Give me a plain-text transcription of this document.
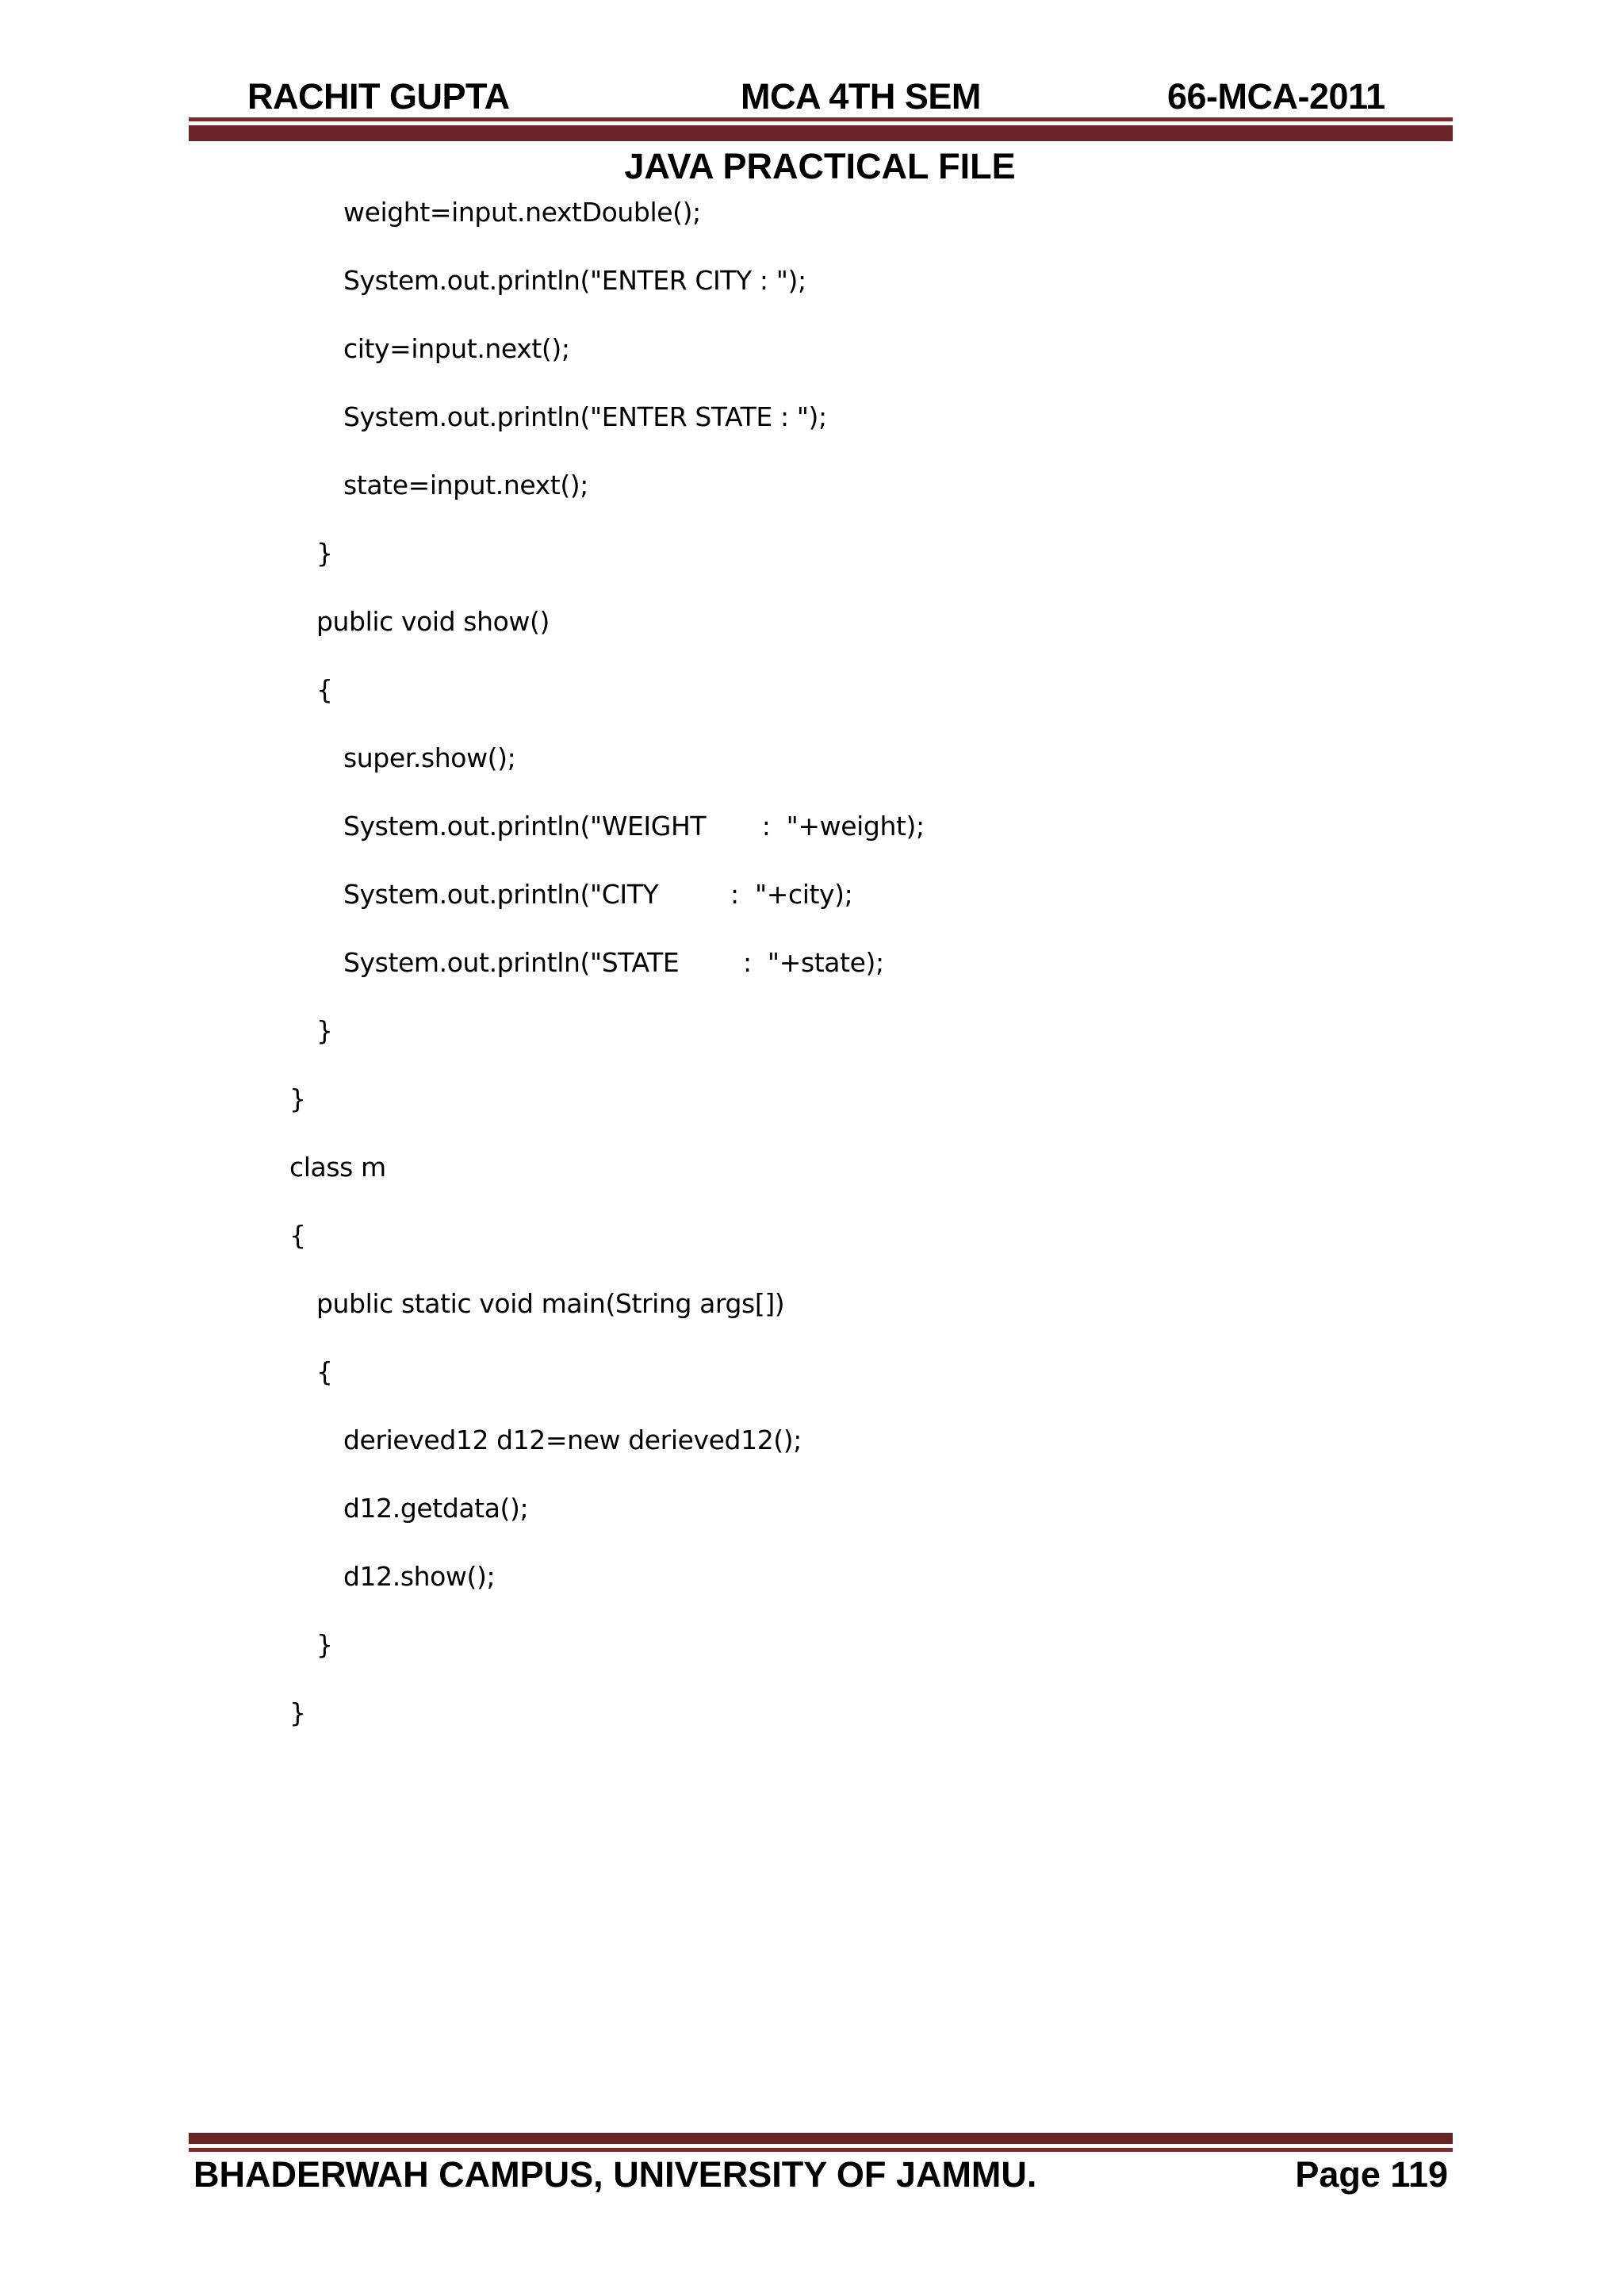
RACHIT GUPTA	MCA 4TH SEM	66-MCA-2011
JAVA PRACTICAL FILE
weight=input.nextDouble();
System.out.println("ENTER CITY : ");
city=input.next();
System.out.println("ENTER STATE : ");
state=input.next();
}
public void show()
{
super.show();
System.out.println("WEIGHT       :  "+weight);
System.out.println("CITY         :  "+city);
System.out.println("STATE        :  "+state);
}
}
class m
{
public static void main(String args[])
{
derieved12 d12=new derieved12();
d12.getdata();
d12.show();
}
}
BHADERWAH CAMPUS, UNIVERSITY OF JAMMU.	Page 119
